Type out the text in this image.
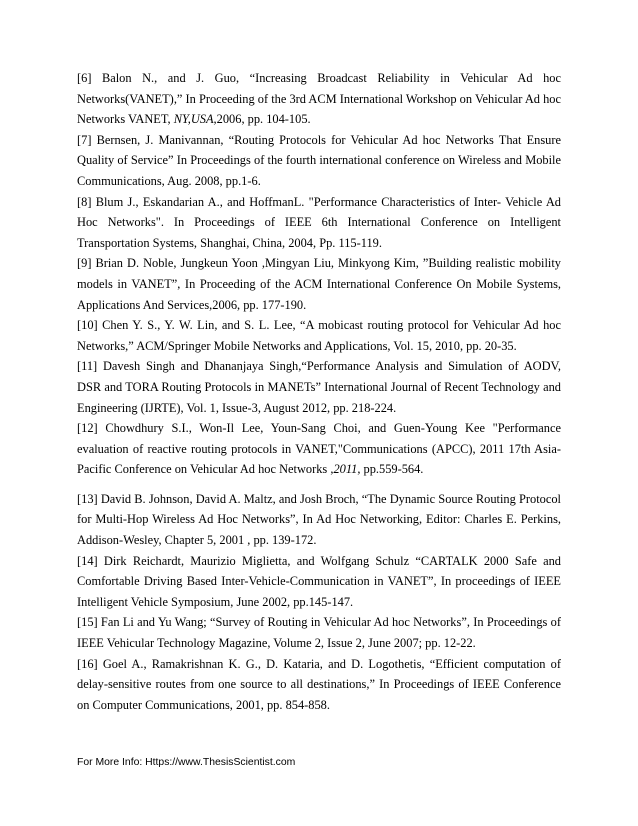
[6] Balon N., and J. Guo, “Increasing Broadcast Reliability in Vehicular Ad hoc Networks(VANET),” In Proceeding of the 3rd ACM International Workshop on Vehicular Ad hoc Networks VANET, NY,USA,2006, pp. 104-105.

[7] Bernsen, J. Manivannan, “Routing Protocols for Vehicular Ad hoc Networks That Ensure Quality of Service” In Proceedings of the fourth international conference on Wireless and Mobile Communications, Aug. 2008, pp.1-6.

[8] Blum J., Eskandarian A., and HoffmanL. "Performance Characteristics of Inter- Vehicle Ad Hoc Networks". In Proceedings of IEEE 6th International Conference on Intelligent Transportation Systems, Shanghai, China, 2004, Pp. 115-119.

[9] Brian D. Noble, Jungkeun Yoon ,Mingyan Liu, Minkyong Kim, ”Building realistic mobility models in VANET”, In Proceeding of the ACM International Conference On Mobile Systems, Applications And Services,2006, pp. 177-190.

[10] Chen Y. S., Y. W. Lin, and S. L. Lee, “A mobicast routing protocol for Vehicular Ad hoc Networks,” ACM/Springer Mobile Networks and Applications, Vol. 15, 2010, pp. 20-35.

[11] Davesh Singh and Dhananjaya Singh,“Performance Analysis and Simulation of AODV, DSR and TORA Routing Protocols in MANETs” International Journal of Recent Technology and Engineering (IJRTE), Vol. 1, Issue-3, August 2012, pp. 218-224.

[12] Chowdhury S.I., Won-Il Lee, Youn-Sang Choi, and Guen-Young Kee "Performance evaluation of reactive routing protocols in VANET,"Communications (APCC), 2011 17th Asia-Pacific Conference on Vehicular Ad hoc Networks ,2011, pp.559-564.

[13] David B. Johnson, David A. Maltz, and Josh Broch, “The Dynamic Source Routing Protocol for Multi-Hop Wireless Ad Hoc Networks”, In Ad Hoc Networking, Editor: Charles E. Perkins, Addison-Wesley, Chapter 5, 2001 , pp. 139-172.

[14] Dirk Reichardt, Maurizio Miglietta, and Wolfgang Schulz “CARTALK 2000 Safe and Comfortable Driving Based Inter-Vehicle-Communication in VANET”, In proceedings of IEEE Intelligent Vehicle Symposium, June 2002, pp.145-147.

[15] Fan Li and Yu Wang; “Survey of Routing in Vehicular Ad hoc Networks”, In Proceedings of IEEE Vehicular Technology Magazine, Volume 2, Issue 2, June 2007; pp. 12-22.

[16] Goel A., Ramakrishnan K. G., D. Kataria, and D. Logothetis, “Efficient computation of delay-sensitive routes from one source to all destinations,” In Proceedings of IEEE Conference on Computer Communications, 2001, pp. 854-858.

For More Info: Https://www.ThesisScientist.com
